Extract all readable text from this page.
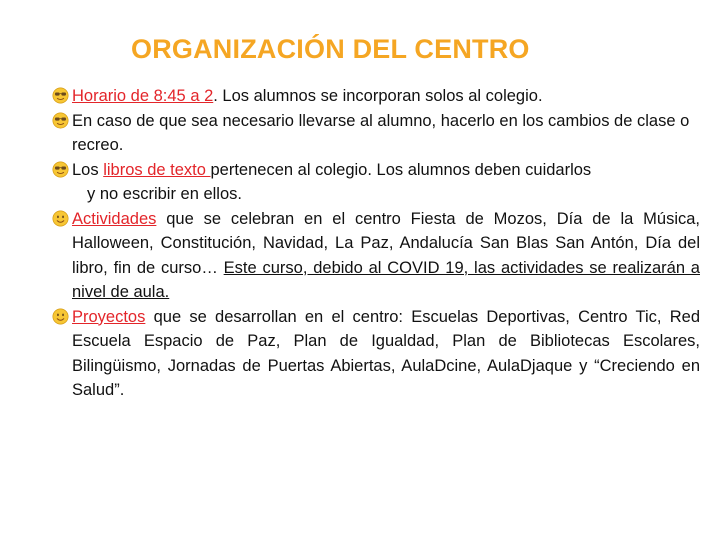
ORGANIZACIÓN DEL CENTRO
Horario de 8:45 a 2. Los alumnos se incorporan solos al colegio.
En caso de que sea necesario llevarse al alumno, hacerlo en los cambios de clase o recreo.
Los libros de texto pertenecen al colegio. Los alumnos deben cuidarlos
y no escribir en ellos.
Actividades que se celebran en el centro Fiesta de Mozos, Día de la Música, Halloween, Constitución, Navidad, La Paz, Andalucía San Blas San Antón, Día del libro, fin de curso… Este curso, debido al COVID 19, las actividades se realizarán a nivel de aula.
Proyectos que se desarrollan en el centro: Escuelas Deportivas, Centro Tic, Red Escuela Espacio de Paz, Plan de Igualdad, Plan de Bibliotecas Escolares, Bilingüismo, Jornadas de Puertas Abiertas, AulaDcine, AulaDjaque y “Creciendo en Salud”.
